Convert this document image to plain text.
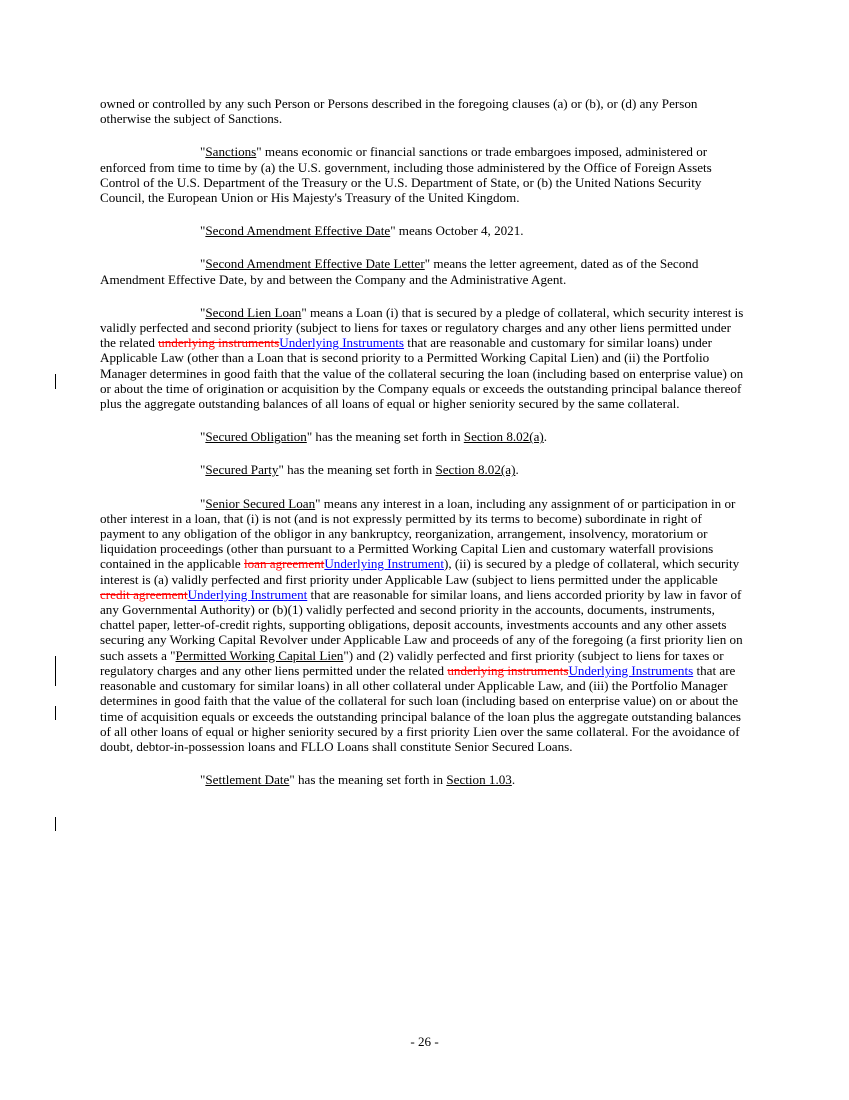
owned or controlled by any such Person or Persons described in the foregoing clauses (a) or (b), or (d) any Person otherwise the subject of Sanctions.

"Sanctions" means economic or financial sanctions or trade embargoes imposed, administered or enforced from time to time by (a) the U.S. government, including those administered by the Office of Foreign Assets Control of the U.S. Department of the Treasury or the U.S. Department of State, or (b) the United Nations Security Council, the European Union or His Majesty's Treasury of the United Kingdom.

"Second Amendment Effective Date" means October 4, 2021.

"Second Amendment Effective Date Letter" means the letter agreement, dated as of the Second Amendment Effective Date, by and between the Company and the Administrative Agent.

"Second Lien Loan" means a Loan (i) that is secured by a pledge of collateral, which security interest is validly perfected and second priority (subject to liens for taxes or regulatory charges and any other liens permitted under the related underlying instrumentsUnderlying Instruments that are reasonable and customary for similar loans) under Applicable Law (other than a Loan that is second priority to a Permitted Working Capital Lien) and (ii) the Portfolio Manager determines in good faith that the value of the collateral securing the loan (including based on enterprise value) on or about the time of origination or acquisition by the Company equals or exceeds the outstanding principal balance thereof plus the aggregate outstanding balances of all loans of equal or higher seniority secured by the same collateral.

"Secured Obligation" has the meaning set forth in Section 8.02(a).

"Secured Party" has the meaning set forth in Section 8.02(a).

"Senior Secured Loan" means any interest in a loan, including any assignment of or participation in or other interest in a loan, that (i) is not (and is not expressly permitted by its terms to become) subordinate in right of payment to any obligation of the obligor in any bankruptcy, reorganization, arrangement, insolvency, moratorium or liquidation proceedings (other than pursuant to a Permitted Working Capital Lien and customary waterfall provisions contained in the applicable loan agreementUnderlying Instrument), (ii) is secured by a pledge of collateral, which security interest is (a) validly perfected and first priority under Applicable Law (subject to liens permitted under the applicable credit agreementUnderlying Instrument that are reasonable for similar loans, and liens accorded priority by law in favor of any Governmental Authority) or (b)(1) validly perfected and second priority in the accounts, documents, instruments, chattel paper, letter-of-credit rights, supporting obligations, deposit accounts, investments accounts and any other assets securing any Working Capital Revolver under Applicable Law and proceeds of any of the foregoing (a first priority lien on such assets a "Permitted Working Capital Lien") and (2) validly perfected and first priority (subject to liens for taxes or regulatory charges and any other liens permitted under the related underlying instrumentsUnderlying Instruments that are reasonable and customary for similar loans) in all other collateral under Applicable Law, and (iii) the Portfolio Manager determines in good faith that the value of the collateral for such loan (including based on enterprise value) on or about the time of acquisition equals or exceeds the outstanding principal balance of the loan plus the aggregate outstanding balances of all other loans of equal or higher seniority secured by a first priority Lien over the same collateral. For the avoidance of doubt, debtor-in-possession loans and FLLO Loans shall constitute Senior Secured Loans.

"Settlement Date" has the meaning set forth in Section 1.03.

- 26 -
